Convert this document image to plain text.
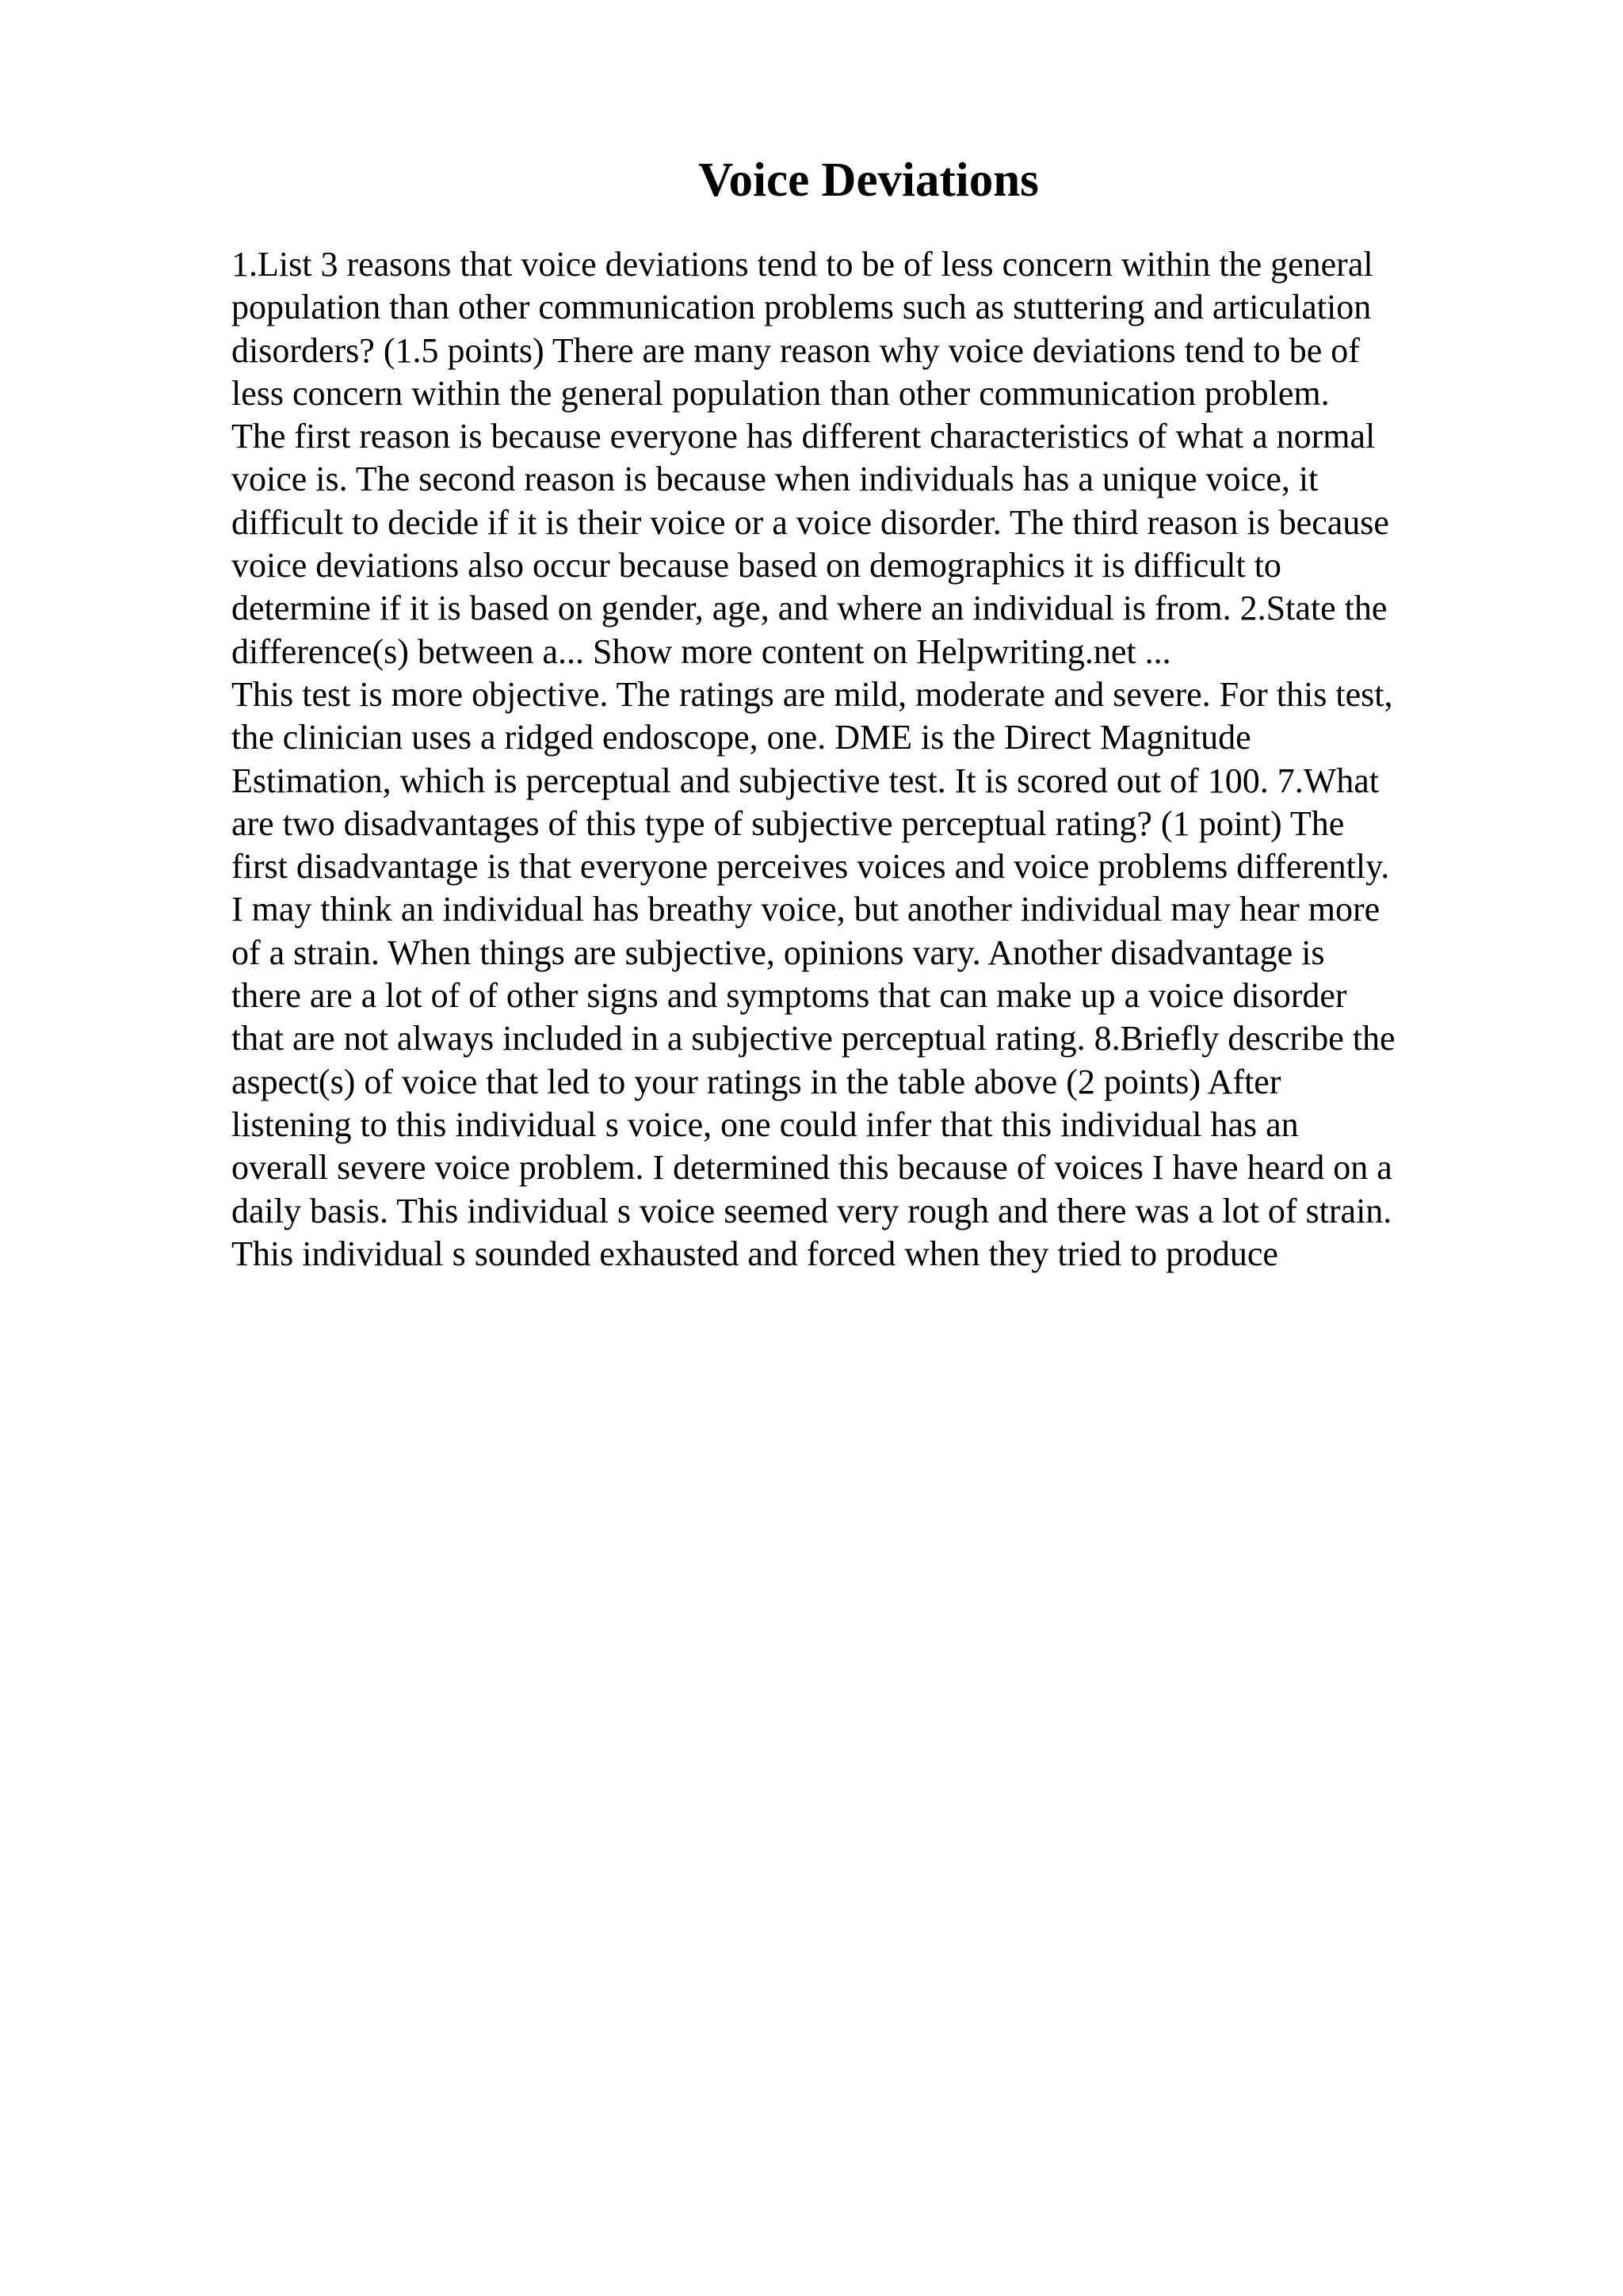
Voice Deviations
1.List 3 reasons that voice deviations tend to be of less concern within the general
population than other communication problems such as stuttering and articulation
disorders? (1.5 points) There are many reason why voice deviations tend to be of
less concern within the general population than other communication problem.
The first reason is because everyone has different characteristics of what a normal
voice is. The second reason is because when individuals has a unique voice, it
difficult to decide if it is their voice or a voice disorder. The third reason is because
voice deviations also occur because based on demographics it is difficult to
determine if it is based on gender, age, and where an individual is from. 2.State the
difference(s) between a... Show more content on Helpwriting.net ...
This test is more objective. The ratings are mild, moderate and severe. For this test,
the clinician uses a ridged endoscope, one. DME is the Direct Magnitude
Estimation, which is perceptual and subjective test. It is scored out of 100. 7.What
are two disadvantages of this type of subjective perceptual rating? (1 point) The
first disadvantage is that everyone perceives voices and voice problems differently.
I may think an individual has breathy voice, but another individual may hear more
of a strain. When things are subjective, opinions vary. Another disadvantage is
there are a lot of of other signs and symptoms that can make up a voice disorder
that are not always included in a subjective perceptual rating. 8.Briefly describe the
aspect(s) of voice that led to your ratings in the table above (2 points) After
listening to this individual s voice, one could infer that this individual has an
overall severe voice problem. I determined this because of voices I have heard on a
daily basis. This individual s voice seemed very rough and there was a lot of strain.
This individual s sounded exhausted and forced when they tried to produce
